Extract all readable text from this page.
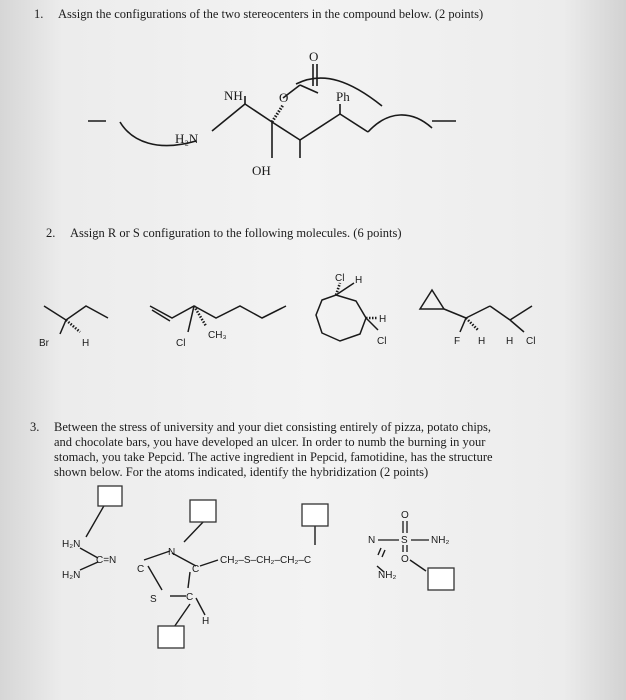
1. Assign the configurations of the two stereocenters in the compound below. (2 points)
2. Assign R or S configuration to the following molecules. (6 points)
3. Between the stress of university and your diet consisting entirely of pizza, potato chips,
and chocolate bars, you have developed an ulcer. In order to numb the burning in your
stomach, you take Pepcid. The active ingredient in Pepcid, famotidine, has the structure
shown below. For the atoms indicated, identify the hybridization (2 points)
NH	O
O
Ph
H₂N
OH
Br	H	Cl
CH₃
Cl H
H
Cl	F H H Cl
H₂N
C=N
H₂N
C
N
C
S	C
H
CH₂–S–CH₂–CH₂–C
N	S NH₂
NH₂
O
O
